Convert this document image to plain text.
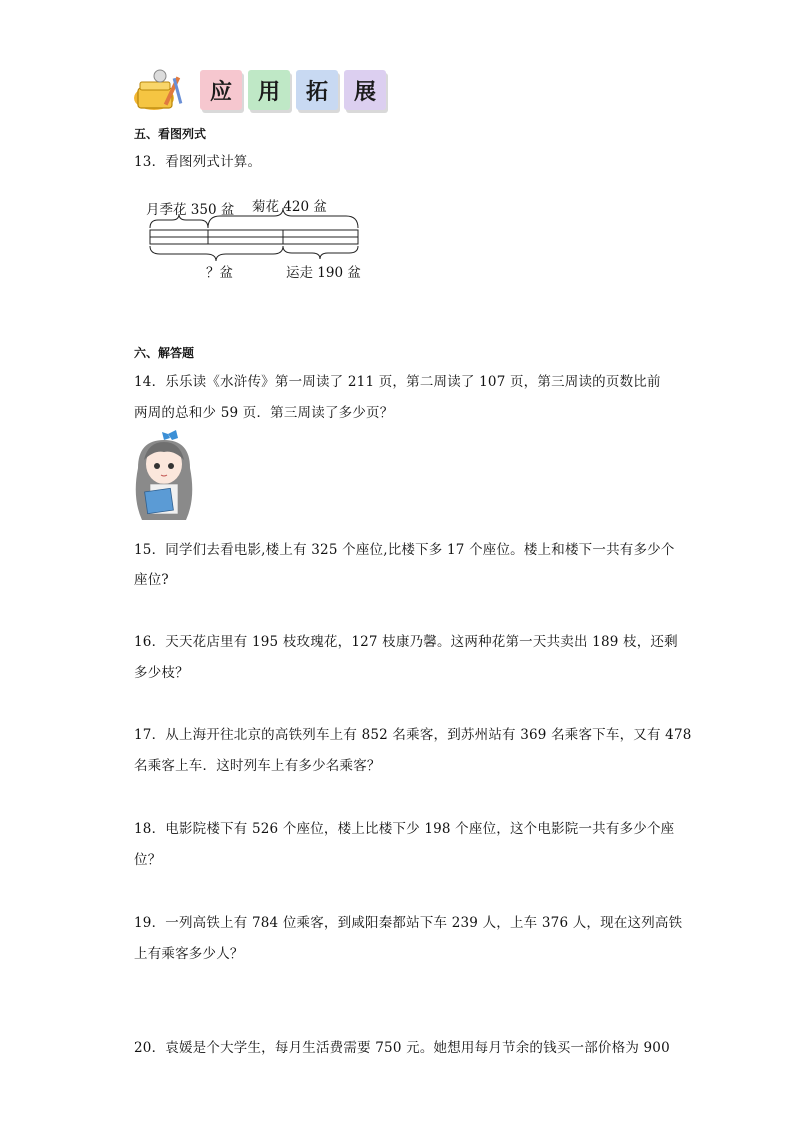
应 用 拓 展
五、看图列式
13．看图列式计算。
月季花 350 盆 菊花 420 盆
？盆	运走 190 盆
六、解答题
14．乐乐读《水浒传》第一周读了 211 页，第二周读了 107 页，第三周读的页数比前
两周的总和少 59 页．第三周读了多少页？
15．同学们去看电影,楼上有 325 个座位,比楼下多 17 个座位。楼上和楼下一共有多少个
座位?
16．天天花店里有 195 枝玫瑰花，127 枝康乃馨。这两种花第一天共卖出 189 枝，还剩
多少枝？
17．从上海开往北京的高铁列车上有 852 名乘客，到苏州站有 369 名乘客下车，又有 478
名乘客上车．这时列车上有多少名乘客？
18．电影院楼下有 526 个座位，楼上比楼下少 198 个座位，这个电影院一共有多少个座
位？
19．一列高铁上有 784 位乘客，到咸阳秦都站下车 239 人，上车 376 人，现在这列高铁
上有乘客多少人？
20．袁媛是个大学生，每月生活费需要 750 元。她想用每月节余的钱买一部价格为 900
